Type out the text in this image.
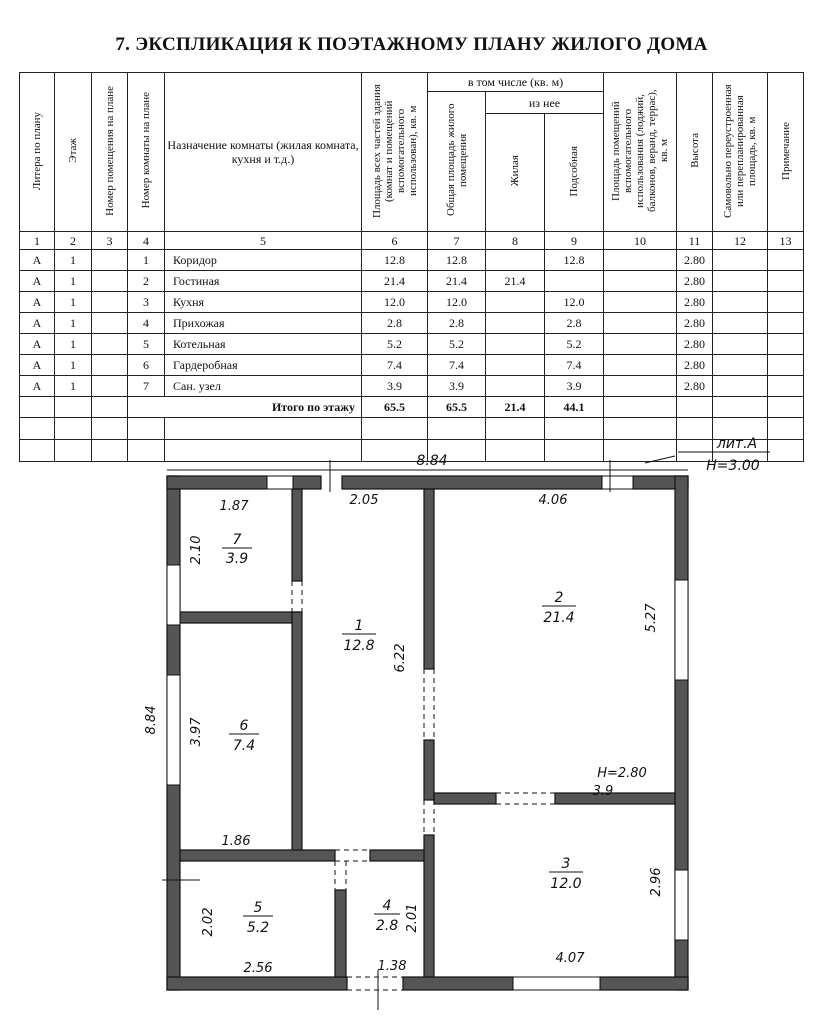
7. ЭКСПЛИКАЦИЯ К ПОЭТАЖНОМУ ПЛАНУ ЖИЛОГО ДОМА
Литера по плану	Этаж	Номер помещения на плане	Номер комнаты на плане	Назначение комнаты (жилая комната, кухня и т.д.)	Площадь всех частей здания (комнат и помещений вспомогательного использован), кв. м	в том числе (кв. м)			Площадь помещений вспомогательного использования (лоджий, балконов, веранд, террас), кв. м	Высота	Самовольно переустроенная или перепланированная площадь, кв. м	Примечание
						Общая площадь жилого помещения	из нее					
							Жилая	Подсобная				
1	2	3	4	5	6	7	8	9	10	11	12	13
А	1		1	Коридор	12.8	12.8		12.8		2.80		
А	1		2	Гостиная	21.4	21.4	21.4			2.80		
А	1		3	Кухня	12.0	12.0		12.0		2.80		
А	1		4	Прихожая	2.8	2.8		2.8		2.80		
А	1		5	Котельная	5.2	5.2		5.2		2.80		
А	1		6	Гардеробная	7.4	7.4		7.4		2.80		
А	1		7	Сан. узел	3.9	3.9		3.9		2.80		
			Итого по этажу		65.5	65.5	21.4	44.1				

8.84
лит.А
Н=3.00
1.87	2.05	4.06
2.10
8.84 3.97
1.86
6.22
5.27
Н=2.80
3.9
2.96
4.07
2.02
2.56
2.01
1.38
7
3.9
6
7.4
1
12.8
2
21.4
3
12.0
5
5.2
4
2.8
